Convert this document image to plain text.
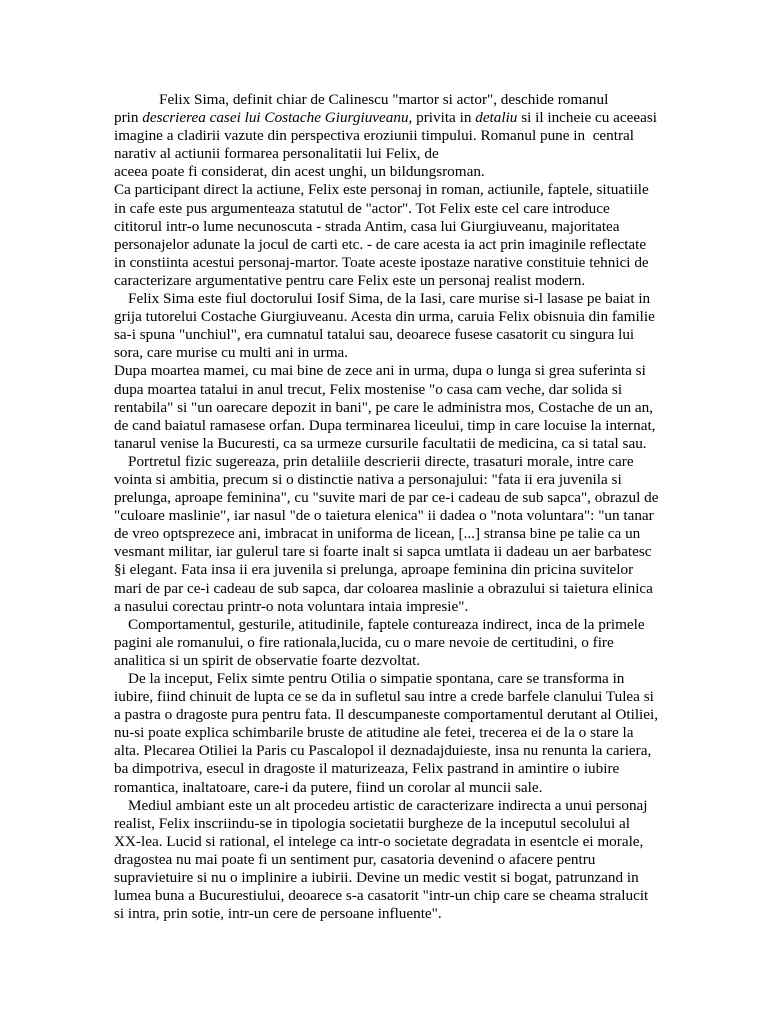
Felix Sima, definit chiar de Calinescu "martor si actor", deschide romanul
prin descrierea casei lui Costache Giurgiuveanu, privita in detaliu si il incheie cu aceeasi
imagine a cladirii vazute din perspectiva eroziunii timpului. Romanul pune in  central
narativ al actiunii formarea personalitatii lui Felix, de
aceea poate fi considerat, din acest unghi, un bildungsroman.
Ca participant direct la actiune, Felix este personaj in roman, actiunile, faptele, situatiile
in cafe este pus argumenteaza statutul de "actor". Tot Felix este cel care introduce
cititorul intr-o lume necunoscuta - strada Antim, casa lui Giurgiuveanu, majoritatea
personajelor adunate la jocul de carti etc. - de care acesta ia act prin imaginile reflectate
in constiinta acestui personaj-martor. Toate aceste ipostaze narative constituie tehnici de
caracterizare argumentative pentru care Felix este un personaj realist modern.
Felix Sima este fiul doctorului Iosif Sima, de la Iasi, care murise si-l lasase pe baiat in
grija tutorelui Costache Giurgiuveanu. Acesta din urma, caruia Felix obisnuia din familie
sa-i spuna "unchiul", era cumnatul tatalui sau, deoarece fusese casatorit cu singura lui
sora, care murise cu multi ani in urma.
Dupa moartea mamei, cu mai bine de zece ani in urma, dupa o lunga si grea suferinta si
dupa moartea tatalui in anul trecut, Felix mostenise "o casa cam veche, dar solida si
rentabila" si "un oarecare depozit in bani", pe care le administra mos, Costache de un an,
de cand baiatul ramasese orfan. Dupa terminarea liceului, timp in care locuise la internat,
tanarul venise la Bucuresti, ca sa urmeze cursurile facultatii de medicina, ca si tatal sau.
Portretul fizic sugereaza, prin detaliile descrierii directe, trasaturi morale, intre care
vointa si ambitia, precum si o distinctie nativa a personajului: "fata ii era juvenila si
prelunga, aproape feminina", cu "suvite mari de par ce-i cadeau de sub sapca", obrazul de
"culoare maslinie", iar nasul "de o taietura elenica" ii dadea o "nota voluntara": "un tanar
de vreo optsprezece ani, imbracat in uniforma de licean, [...] stransa bine pe talie ca un
vesmant militar, iar gulerul tare si foarte inalt si sapca umtlata ii dadeau un aer barbatesc
§i elegant. Fata insa ii era juvenila si prelunga, aproape feminina din pricina suvitelor
mari de par ce-i cadeau de sub sapca, dar coloarea maslinie a obrazului si taietura elinica
a nasului corectau printr-o nota voluntara intaia impresie".
Comportamentul, gesturile, atitudinile, faptele contureaza indirect, inca de la primele
pagini ale romanului, o fire rationala,lucida, cu o mare nevoie de certitudini, o fire
analitica si un spirit de observatie foarte dezvoltat.
De la inceput, Felix simte pentru Otilia o simpatie spontana, care se transforma in
iubire, fiind chinuit de lupta ce se da in sufletul sau intre a crede barfele clanului Tulea si
a pastra o dragoste pura pentru fata. Il descumpaneste comportamentul derutant al Otiliei,
nu-si poate explica schimbarile bruste de atitudine ale fetei, trecerea ei de la o stare la
alta. Plecarea Otiliei la Paris cu Pascalopol il deznadajduieste, insa nu renunta la cariera,
ba dimpotriva, esecul in dragoste il maturizeaza, Felix pastrand in amintire o iubire
romantica, inaltatoare, care-i da putere, fiind un corolar al muncii sale.
Mediul ambiant este un alt procedeu artistic de caracterizare indirecta a unui personaj
realist, Felix inscriindu-se in tipologia societatii burgheze de la inceputul secolului al
XX-lea. Lucid si rational, el intelege ca intr-o societate degradata in esentcle ei morale,
dragostea nu mai poate fi un sentiment pur, casatoria devenind o afacere pentru
supravietuire si nu o implinire a iubirii. Devine un medic vestit si bogat, patrunzand in
lumea buna a Bucurestiului, deoarece s-a casatorit "intr-un chip care se cheama stralucit
si intra, prin sotie, intr-un cere de persoane influente".
